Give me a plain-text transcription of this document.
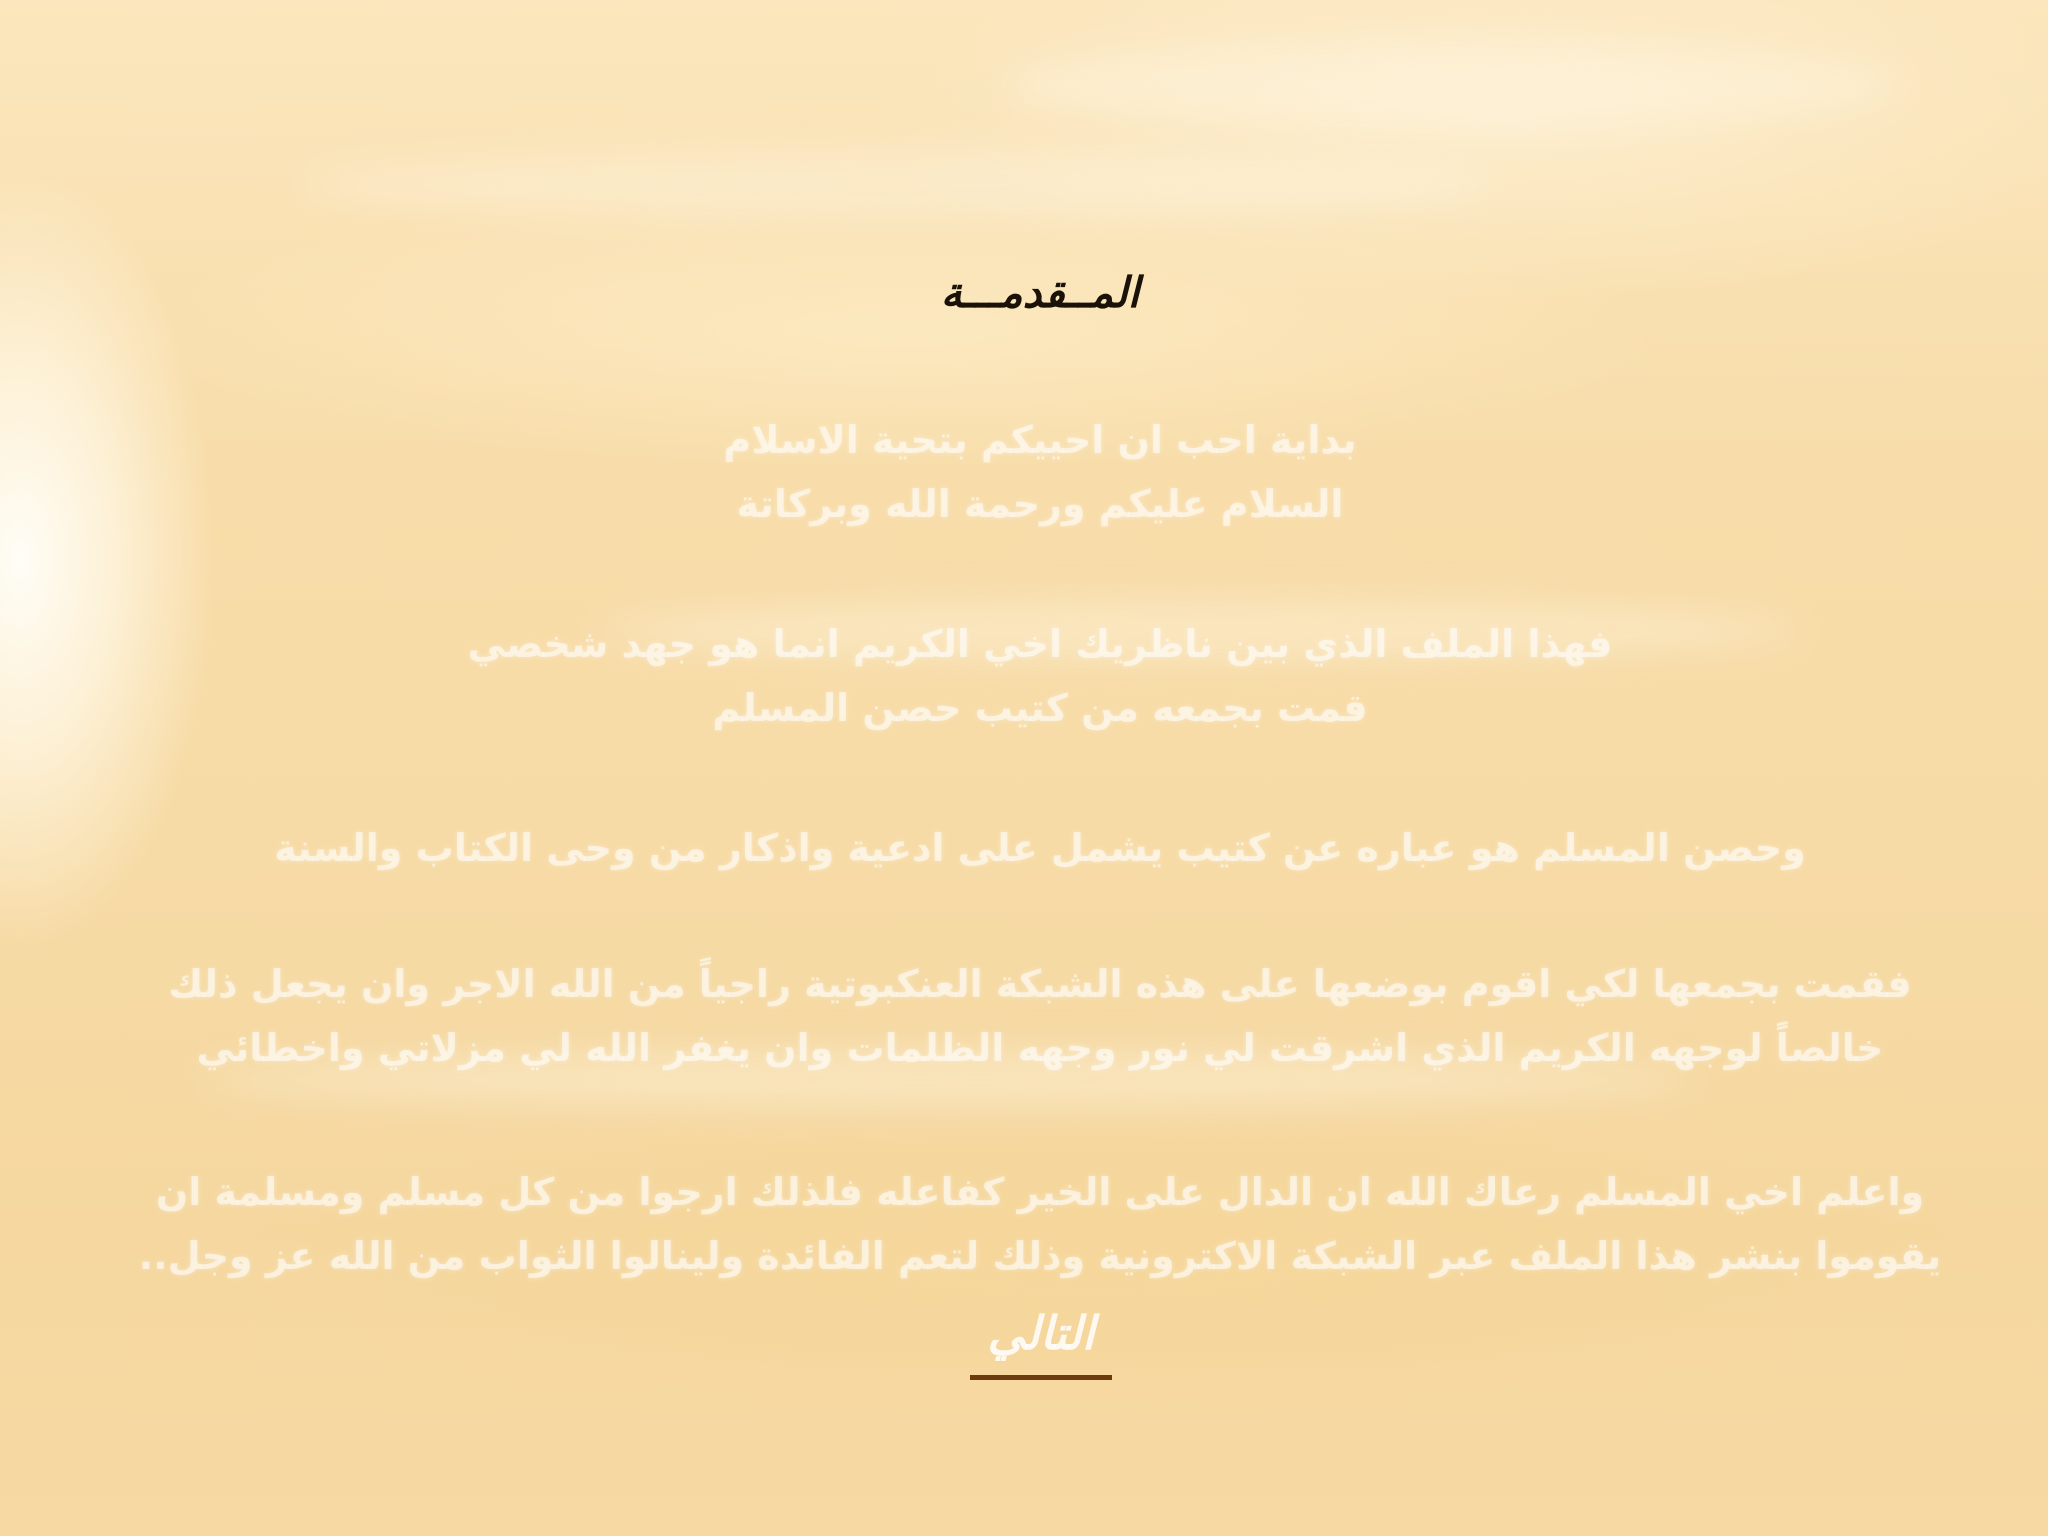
المــقدمـــة
بداية احب ان احييكم بتحية الاسلام
السلام عليكم ورحمة الله وبركاتة
فهذا الملف الذي بين ناظريك اخي الكريم انما هو جهد شخصي
قمت بجمعه من كتيب حصن المسلم
وحصن المسلم هو عباره عن كتيب يشمل على ادعية واذكار من وحى الكتاب والسنة
فقمت بجمعها لكي اقوم بوضعها على هذه الشبكة العنكبوتية راجياً من الله الاجر وان يجعل ذلك
خالصاً لوجهه الكريم الذي اشرقت لي نور وجهه الظلمات وان يغفر الله لي مزلاتي واخطائي
واعلم اخي المسلم رعاك الله ان الدال على الخير كفاعله فلذلك ارجوا من كل مسلم ومسلمة ان
يقوموا بنشر هذا الملف عبر الشبكة الاكترونية وذلك لتعم الفائدة ولينالوا الثواب من الله عز وجل..
التالي
